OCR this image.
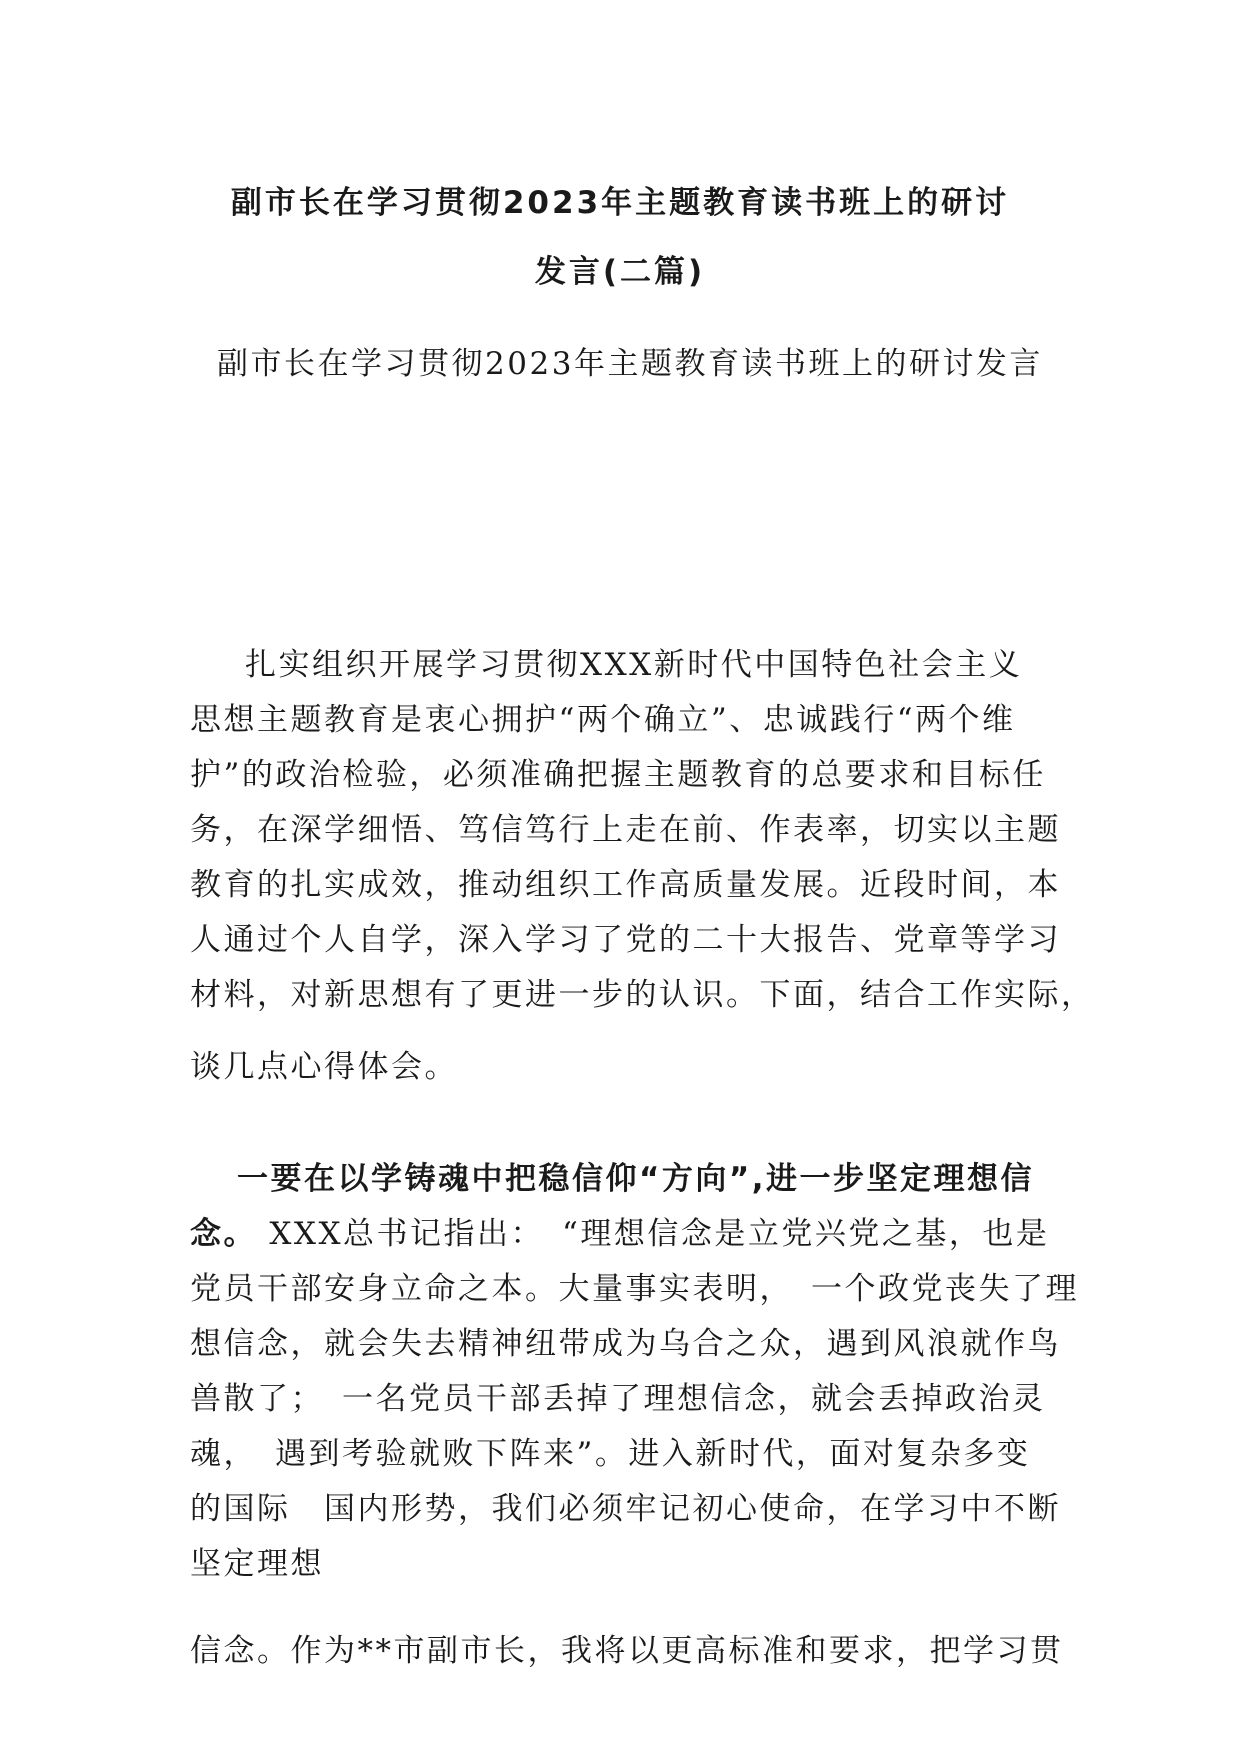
副市长在学习贯彻2023年主题教育读书班上的研讨
发言(二篇)
副市长在学习贯彻2023年主题教育读书班上的研讨发言
扎实组织开展学习贯彻XXX新时代中国特色社会主义
思想主题教育是衷心拥护“两个确立”、忠诚践行“两个维
护”的政治检验，必须准确把握主题教育的总要求和目标任
务，在深学细悟、笃信笃行上走在前、作表率，切实以主题
教育的扎实成效，推动组织工作高质量发展。近段时间，本
人通过个人自学，深入学习了党的二十大报告、党章等学习
材料，对新思想有了更进一步的认识。下面，结合工作实际，
谈几点心得体会。
一要在以学铸魂中把稳信仰“方向”,进一步坚定理想信
念。 XXX总书记指出：　“理想信念是立党兴党之基，也是
党员干部安身立命之本。大量事实表明，　一个政党丧失了理
想信念，就会失去精神纽带成为乌合之众，遇到风浪就作鸟
兽散了；　一名党员干部丢掉了理想信念，就会丢掉政治灵
魂，　遇到考验就败下阵来”。进入新时代，面对复杂多变
的国际　国内形势，我们必须牢记初心使命，在学习中不断
坚定理想
信念。作为**市副市长，我将以更高标准和要求，把学习贯
